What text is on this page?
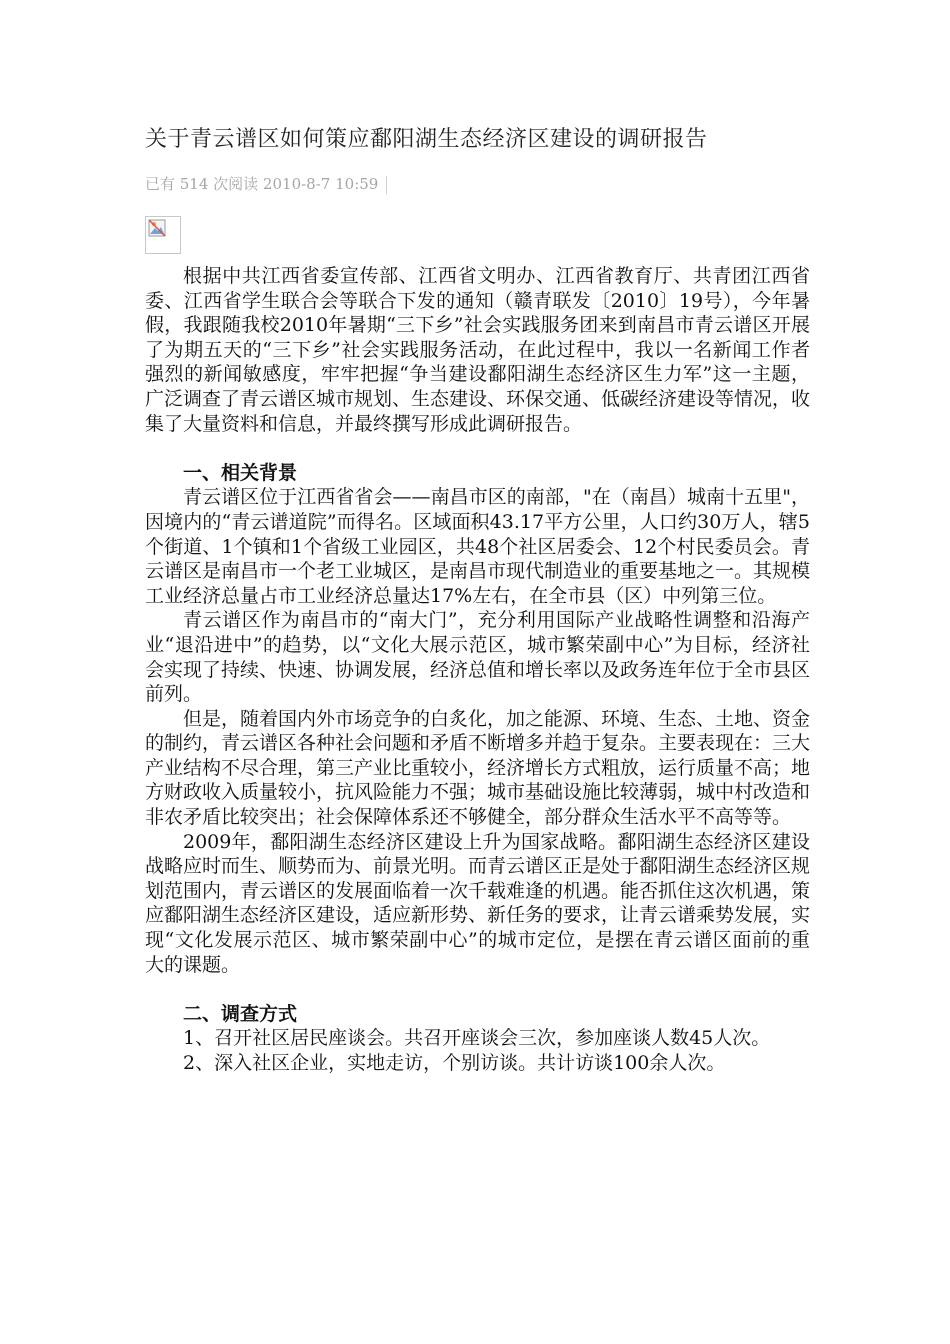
关于青云谱区如何策应鄱阳湖生态经济区建设的调研报告
已有 514 次阅读 2010-8-7 10:59

根据中共江西省委宣传部、江西省文明办、江西省教育厅、共青团江西省委、江西省学生联合会等联合下发的通知（赣青联发〔2010〕19号），今年暑假，我跟随我校2010年暑期“三下乡”社会实践服务团来到南昌市青云谱区开展了为期五天的“三下乡”社会实践服务活动，在此过程中，我以一名新闻工作者强烈的新闻敏感度，牢牢把握“争当建设鄱阳湖生态经济区生力军”这一主题，广泛调查了青云谱区城市规划、生态建设、环保交通、低碳经济建设等情况，收集了大量资料和信息，并最终撰写形成此调研报告。

一、相关背景

青云谱区位于江西省省会——南昌市区的南部，"在（南昌）城南十五里"，因境内的“青云谱道院”而得名。区域面积43.17平方公里，人口约30万人，辖5个街道、1个镇和1个省级工业园区，共48个社区居委会、12个村民委员会。青云谱区是南昌市一个老工业城区，是南昌市现代制造业的重要基地之一。其规模工业经济总量占市工业经济总量达17%左右，在全市县（区）中列第三位。

青云谱区作为南昌市的“南大门”，充分利用国际产业战略性调整和沿海产业“退沿进中”的趋势，以“文化大展示范区，城市繁荣副中心”为目标，经济社会实现了持续、快速、协调发展，经济总值和增长率以及政务连年位于全市县区前列。

但是，随着国内外市场竞争的白炙化，加之能源、环境、生态、土地、资金的制约，青云谱区各种社会问题和矛盾不断增多并趋于复杂。主要表现在：三大产业结构不尽合理，第三产业比重较小，经济增长方式粗放，运行质量不高；地方财政收入质量较小，抗风险能力不强；城市基础设施比较薄弱，城中村改造和非农矛盾比较突出；社会保障体系还不够健全，部分群众生活水平不高等等。

2009年，鄱阳湖生态经济区建设上升为国家战略。鄱阳湖生态经济区建设战略应时而生、顺势而为、前景光明。而青云谱区正是处于鄱阳湖生态经济区规划范围内，青云谱区的发展面临着一次千载难逢的机遇。能否抓住这次机遇，策应鄱阳湖生态经济区建设，适应新形势、新任务的要求，让青云谱乘势发展，实现“文化发展示范区、城市繁荣副中心”的城市定位，是摆在青云谱区面前的重大的课题。

二、调查方式

1、召开社区居民座谈会。共召开座谈会三次，参加座谈人数45人次。

2、深入社区企业，实地走访，个别访谈。共计访谈100余人次。
